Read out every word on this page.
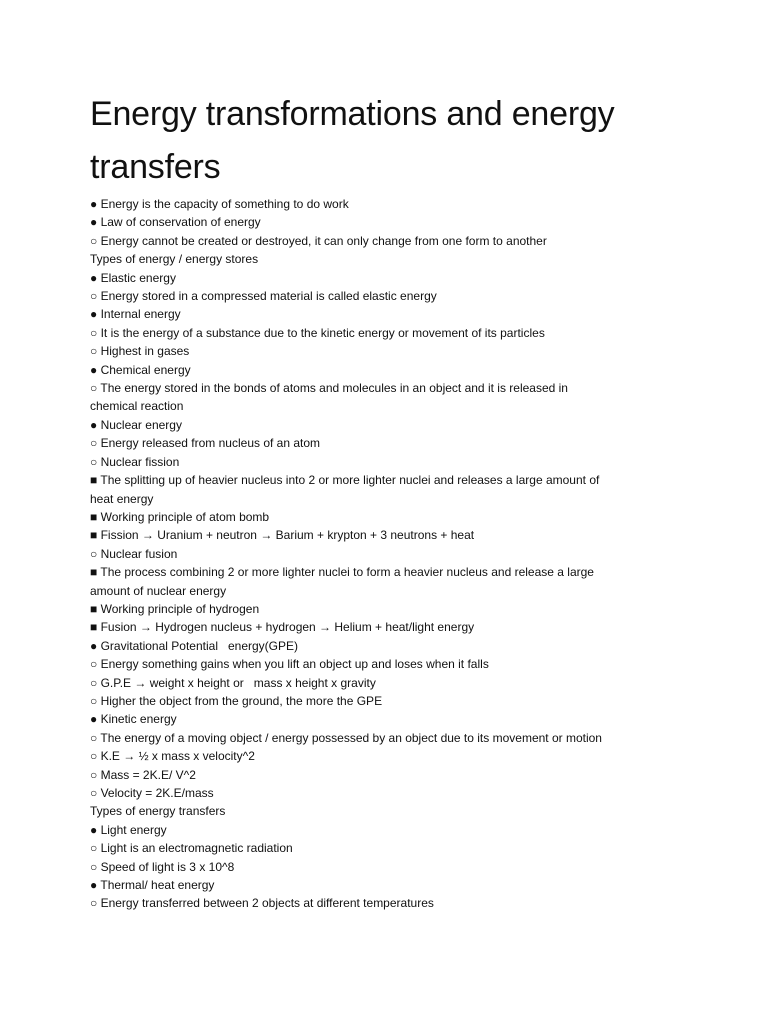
Energy transformations and energy transfers
● Energy is the capacity of something to do work
● Law of conservation of energy
○ Energy cannot be created or destroyed, it can only change from one form to another
Types of energy / energy stores
● Elastic energy
○ Energy stored in a compressed material is called elastic energy
● Internal energy
○ It is the energy of a substance due to the kinetic energy or movement of its particles
○ Highest in gases
● Chemical energy
○ The energy stored in the bonds of atoms and molecules in an object and it is released in chemical reaction
● Nuclear energy
○ Energy released from nucleus of an atom
○ Nuclear fission
■ The splitting up of heavier nucleus into 2 or more lighter nuclei and releases a large amount of heat energy
■ Working principle of atom bomb
■ Fission → Uranium + neutron → Barium + krypton + 3 neutrons + heat
○ Nuclear fusion
■ The process combining 2 or more lighter nuclei to form a heavier nucleus and release a large amount of nuclear energy
■ Working principle of hydrogen
■ Fusion → Hydrogen nucleus + hydrogen → Helium + heat/light energy
● Gravitational Potential   energy(GPE)
○ Energy something gains when you lift an object up and loses when it falls
○ G.P.E → weight x height or   mass x height x gravity
○ Higher the object from the ground, the more the GPE
● Kinetic energy
○ The energy of a moving object / energy possessed by an object due to its movement or motion
○ K.E → ½ x mass x velocity^2
○ Mass = 2K.E/ V^2
○ Velocity = 2K.E/mass
Types of energy transfers
● Light energy
○ Light is an electromagnetic radiation
○ Speed of light is 3 x 10^8
● Thermal/ heat energy
○ Energy transferred between 2 objects at different temperatures
